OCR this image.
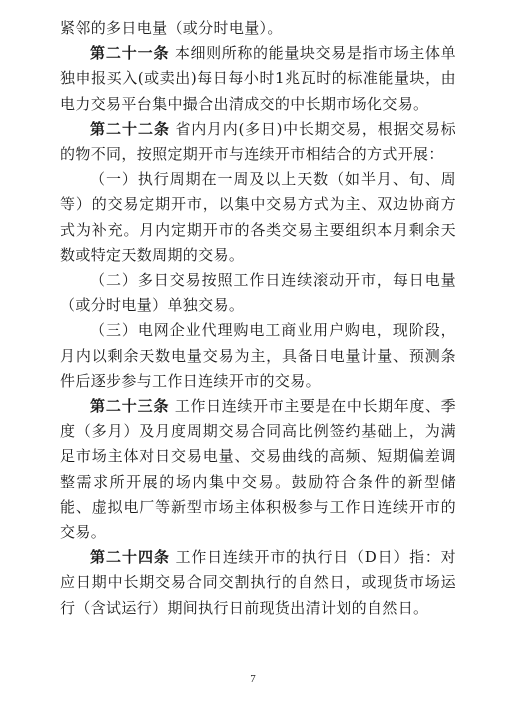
紧邻的多日电量（或分时电量）。

第二十一条 本细则所称的能量块交易是指市场主体单独申报买入(或卖出)每日每小时1兆瓦时的标准能量块，由电力交易平台集中撮合出清成交的中长期市场化交易。

第二十二条 省内月内(多日)中长期交易，根据交易标的物不同，按照定期开市与连续开市相结合的方式开展：

（一）执行周期在一周及以上天数（如半月、旬、周等）的交易定期开市，以集中交易方式为主、双边协商方式为补充。月内定期开市的各类交易主要组织本月剩余天数或特定天数周期的交易。

（二）多日交易按照工作日连续滚动开市，每日电量（或分时电量）单独交易。

（三）电网企业代理购电工商业用户购电，现阶段，月内以剩余天数电量交易为主，具备日电量计量、预测条件后逐步参与工作日连续开市的交易。

第二十三条 工作日连续开市主要是在中长期年度、季度（多月）及月度周期交易合同高比例签约基础上，为满足市场主体对日交易电量、交易曲线的高频、短期偏差调整需求所开展的场内集中交易。鼓励符合条件的新型储能、虚拟电厂等新型市场主体积极参与工作日连续开市的交易。

第二十四条 工作日连续开市的执行日（D日）指：对应日期中长期交易合同交割执行的自然日，或现货市场运行（含试运行）期间执行日前现货出清计划的自然日。

7
